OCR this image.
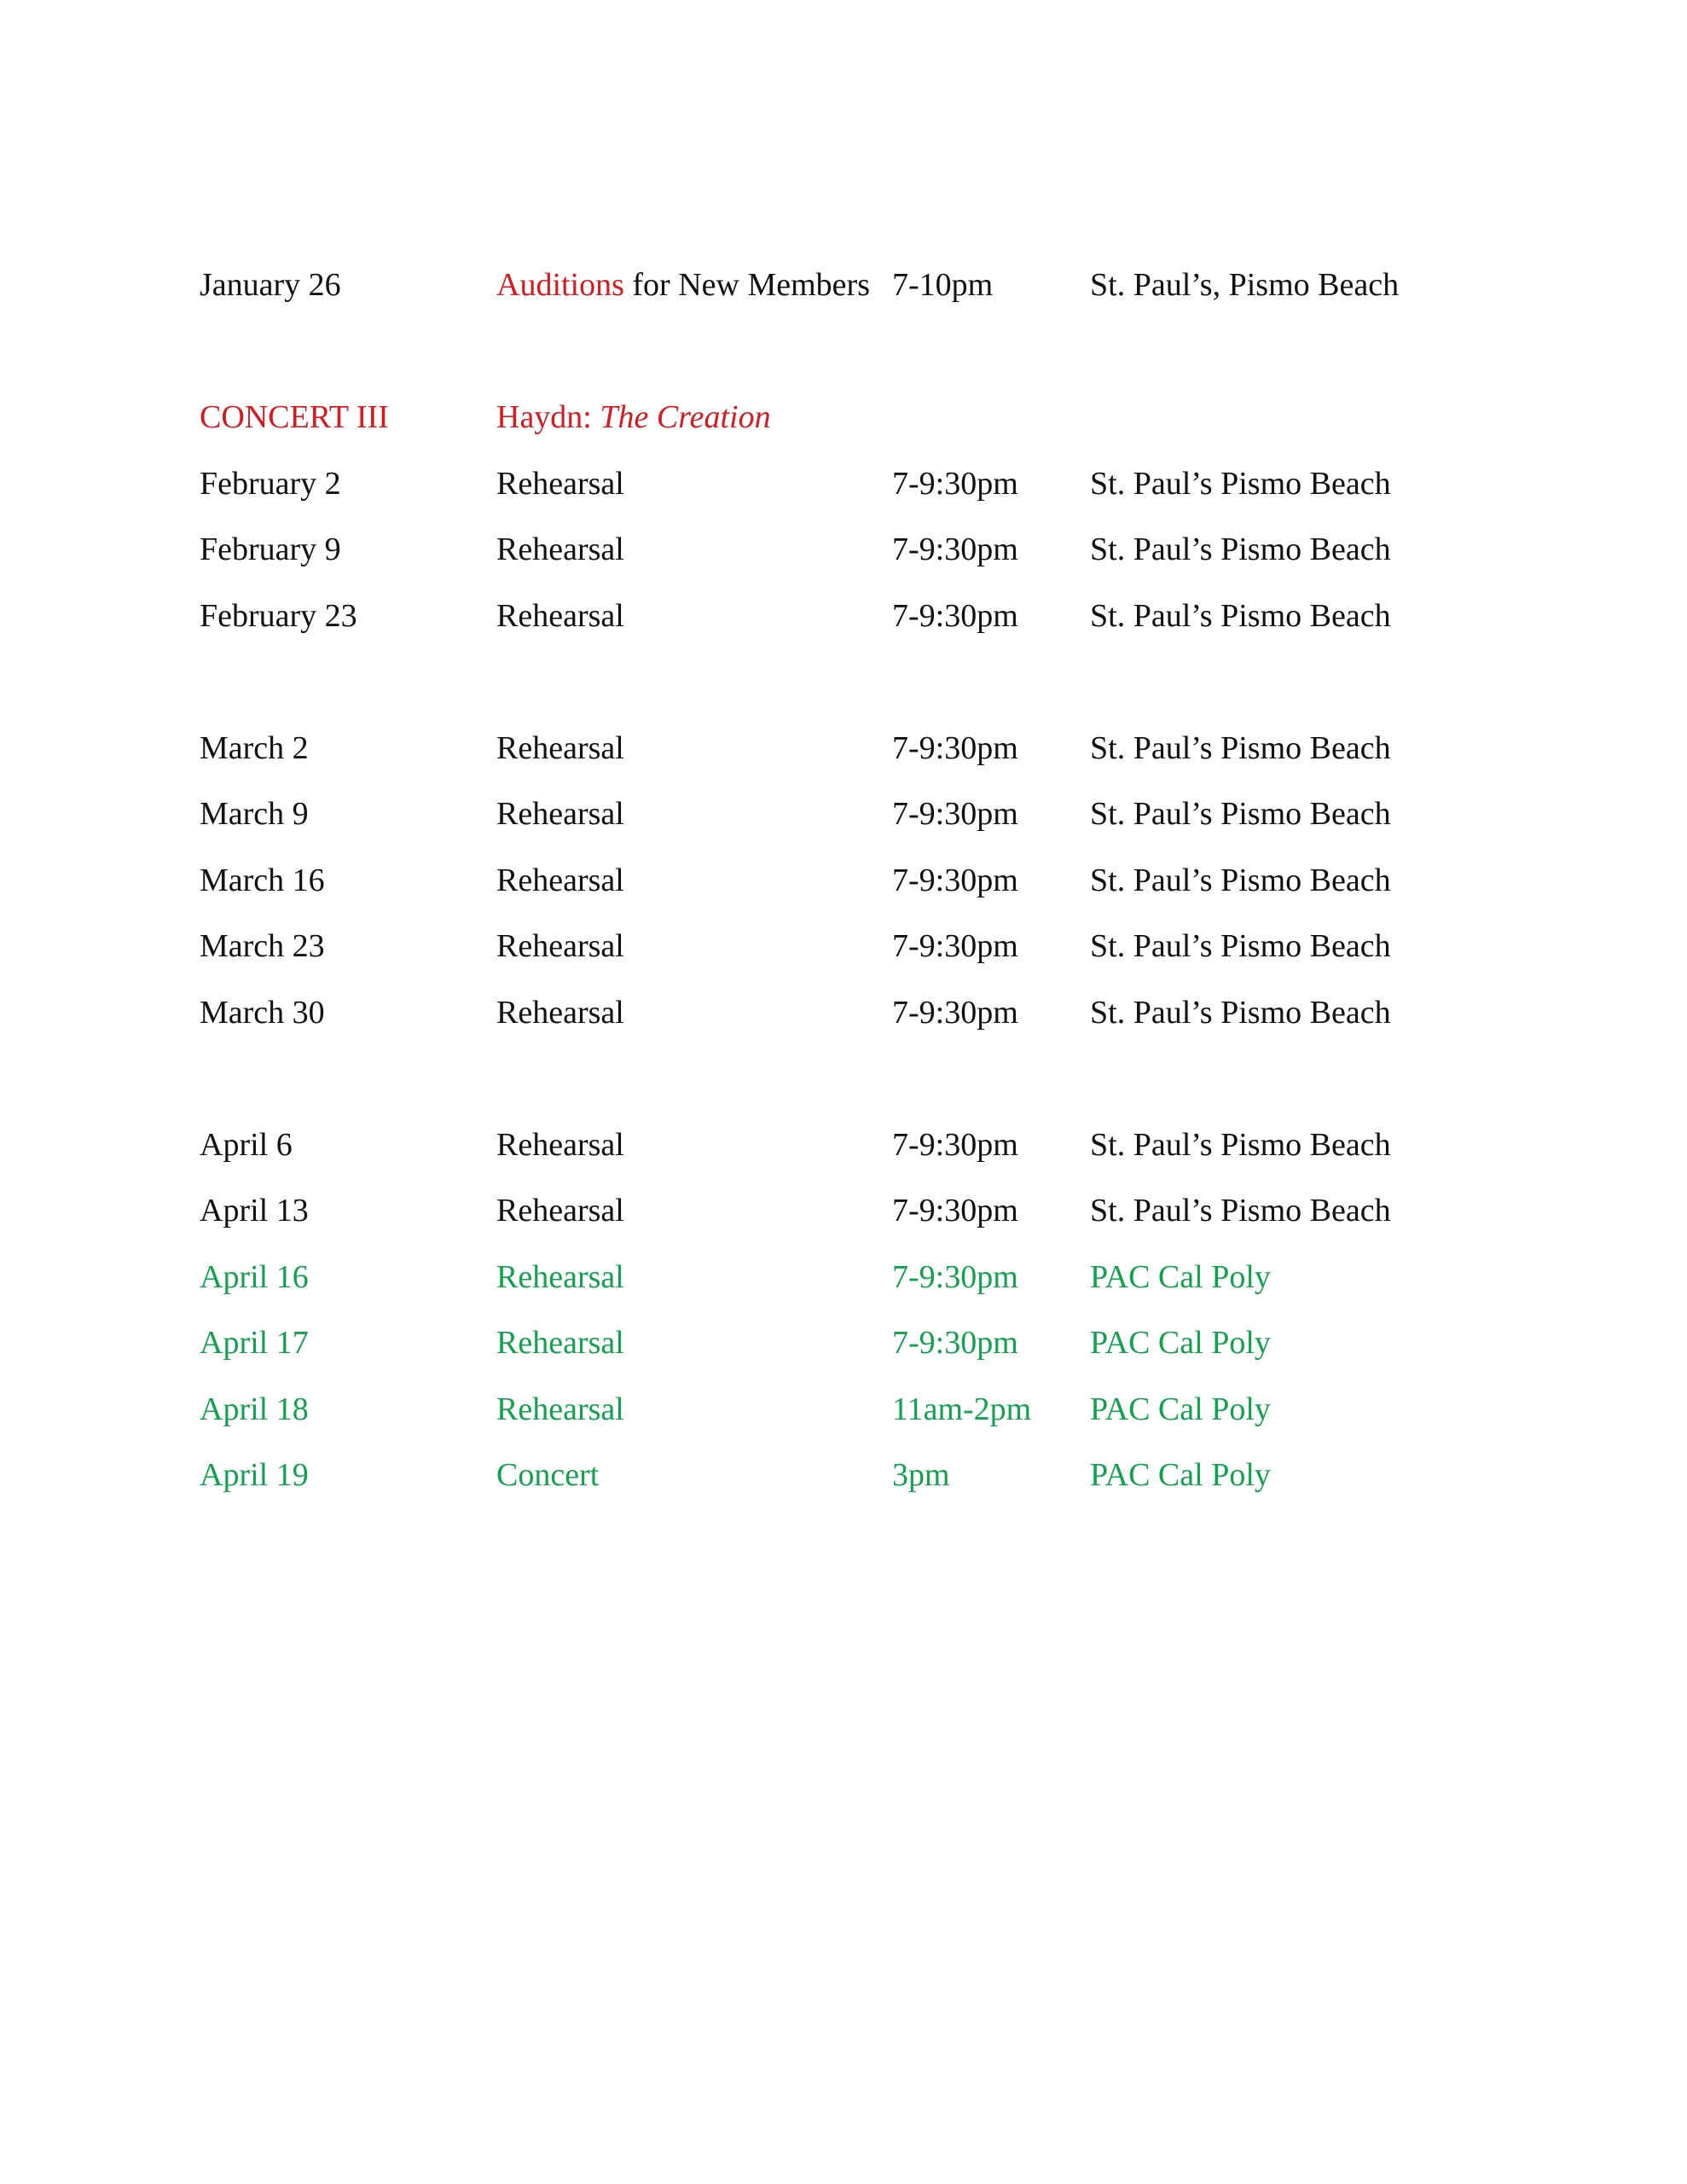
January 26	Auditions for New Members 7-10pm	St. Paul’s, Pismo Beach
CONCERT III	Haydn: The Creation
February 2	Rehearsal	7-9:30pm St. Paul’s Pismo Beach
February 9	Rehearsal	7-9:30pm St. Paul’s Pismo Beach
February 23	Rehearsal	7-9:30pm St. Paul’s Pismo Beach
March 2	Rehearsal	7-9:30pm St. Paul’s Pismo Beach
March 9	Rehearsal	7-9:30pm St. Paul’s Pismo Beach
March 16	Rehearsal	7-9:30pm St. Paul’s Pismo Beach
March 23	Rehearsal	7-9:30pm St. Paul’s Pismo Beach
March 30	Rehearsal	7-9:30pm St. Paul’s Pismo Beach
April 6	Rehearsal	7-9:30pm St. Paul’s Pismo Beach
April 13	Rehearsal	7-9:30pm St. Paul’s Pismo Beach
April 16	Rehearsal	7-9:30pm PAC Cal Poly
April 17	Rehearsal	7-9:30pm PAC Cal Poly
April 18	Rehearsal	11am-2pm PAC Cal Poly
April 19	Concert	3pm	PAC Cal Poly
